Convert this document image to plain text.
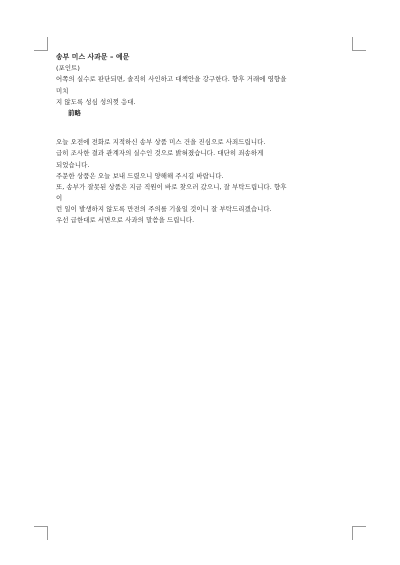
송부 미스 사과문 – 예문
(포인트)
어쪽의 실수로 판단되면, 솔직히 사인하고 대책안을 강구한다. 향후 거래에 영향을
미치
지 않도록 성심 성의껏 응대.
前略
오늘 오전에 전화로 지적하신 송부 상품 미스 건을 진심으로 사죄드립니다.
급히 조사한 결과 관계자의 실수인 것으로 밝혀졌습니다. 대단히 죄송하게
되었습니다.
주문한 상품은 오늘 보내 드렸으니 양해해 주시길 바랍니다.
또, 송부가 잘못된 상품은 지금 직원이 바로 찾으러 갔으니, 잘 부탁드립니다. 향후
이
런 일이 발생하지 않도록 만전의 주의를 기울일 것이니 잘 부탁드리겠습니다.
우선 급한대로 서면으로 사과의 말씀을 드립니다.
